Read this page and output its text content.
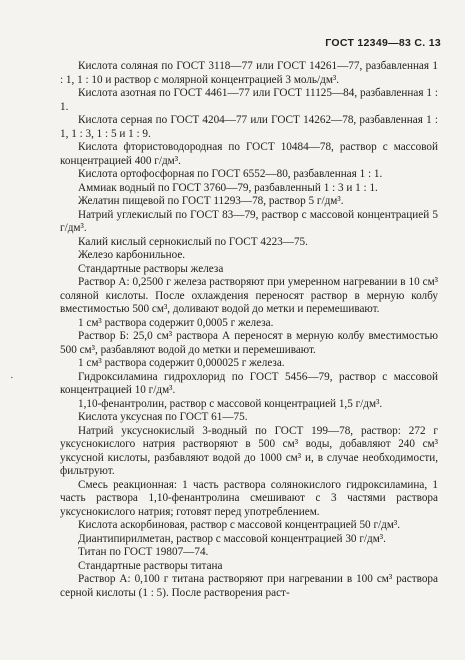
ГОСТ 12349—83 С. 13
·

Кислота соляная по ГОСТ 3118—77 или ГОСТ 14261—77, разбавленная 1 : 1, 1 : 10 и раствор с молярной концентрацией 3 моль/дм³.

Кислота азотная по ГОСТ 4461—77 или ГОСТ 11125—84, разбавленная 1 : 1.

Кислота серная по ГОСТ 4204—77 или ГОСТ 14262—78, разбавленная 1 : 1, 1 : 3, 1 : 5 и 1 : 9.

Кислота фтористоводородная по ГОСТ 10484—78, раствор с массовой концентрацией 400 г/дм³.

Кислота ортофосфорная по ГОСТ 6552—80, разбавленная 1 : 1.

Аммиак водный по ГОСТ 3760—79, разбавленный 1 : 3 и 1 : 1.

Желатин пищевой по ГОСТ 11293—78, раствор 5 г/дм³.

Натрий углекислый по ГОСТ 83—79, раствор с массовой концентрацией 5 г/дм³.

Калий кислый сернокислый по ГОСТ 4223—75.

Железо карбонильное.

Стандартные растворы железа

Раствор А: 0,2500 г железа растворяют при умеренном нагревании в 10 см³ соляной кислоты. После охлаждения переносят раствор в мерную колбу вместимостью 500 см³, доливают водой до метки и перемешивают.

1 см³ раствора содержит 0,0005 г железа.

Раствор Б: 25,0 см³ раствора А переносят в мерную колбу вместимостью 500 см³, разбавляют водой до метки и перемешивают.

1 см³ раствора содержит 0,000025 г железа.

Гидроксиламина гидрохлорид по ГОСТ 5456—79, раствор с массовой концентрацией 10 г/дм³.

1,10-фенантролин, раствор с массовой концентрацией 1,5 г/дм³.

Кислота уксусная по ГОСТ 61—75.

Натрий уксуснокислый 3-водный по ГОСТ 199—78, раствор: 272 г уксуснокислого натрия растворяют в 500 см³ воды, добавляют 240 см³ уксусной кислоты, разбавляют водой до 1000 см³ и, в случае необходимости, фильтруют.

Смесь реакционная: 1 часть раствора солянокислого гидроксиламина, 1 часть раствора 1,10-фенантролина смешивают с 3 частями раствора уксуснокислого натрия; готовят перед употреблением.

Кислота аскорбиновая, раствор с массовой концентрацией 50 г/дм³.

Диантипирилметан, раствор с массовой концентрацией 30 г/дм³.

Титан по ГОСТ 19807—74.

Стандартные растворы титана

Раствор А: 0,100 г титана растворяют при нагревании в 100 см³ раствора серной кислоты (1 : 5). После растворения раст-
